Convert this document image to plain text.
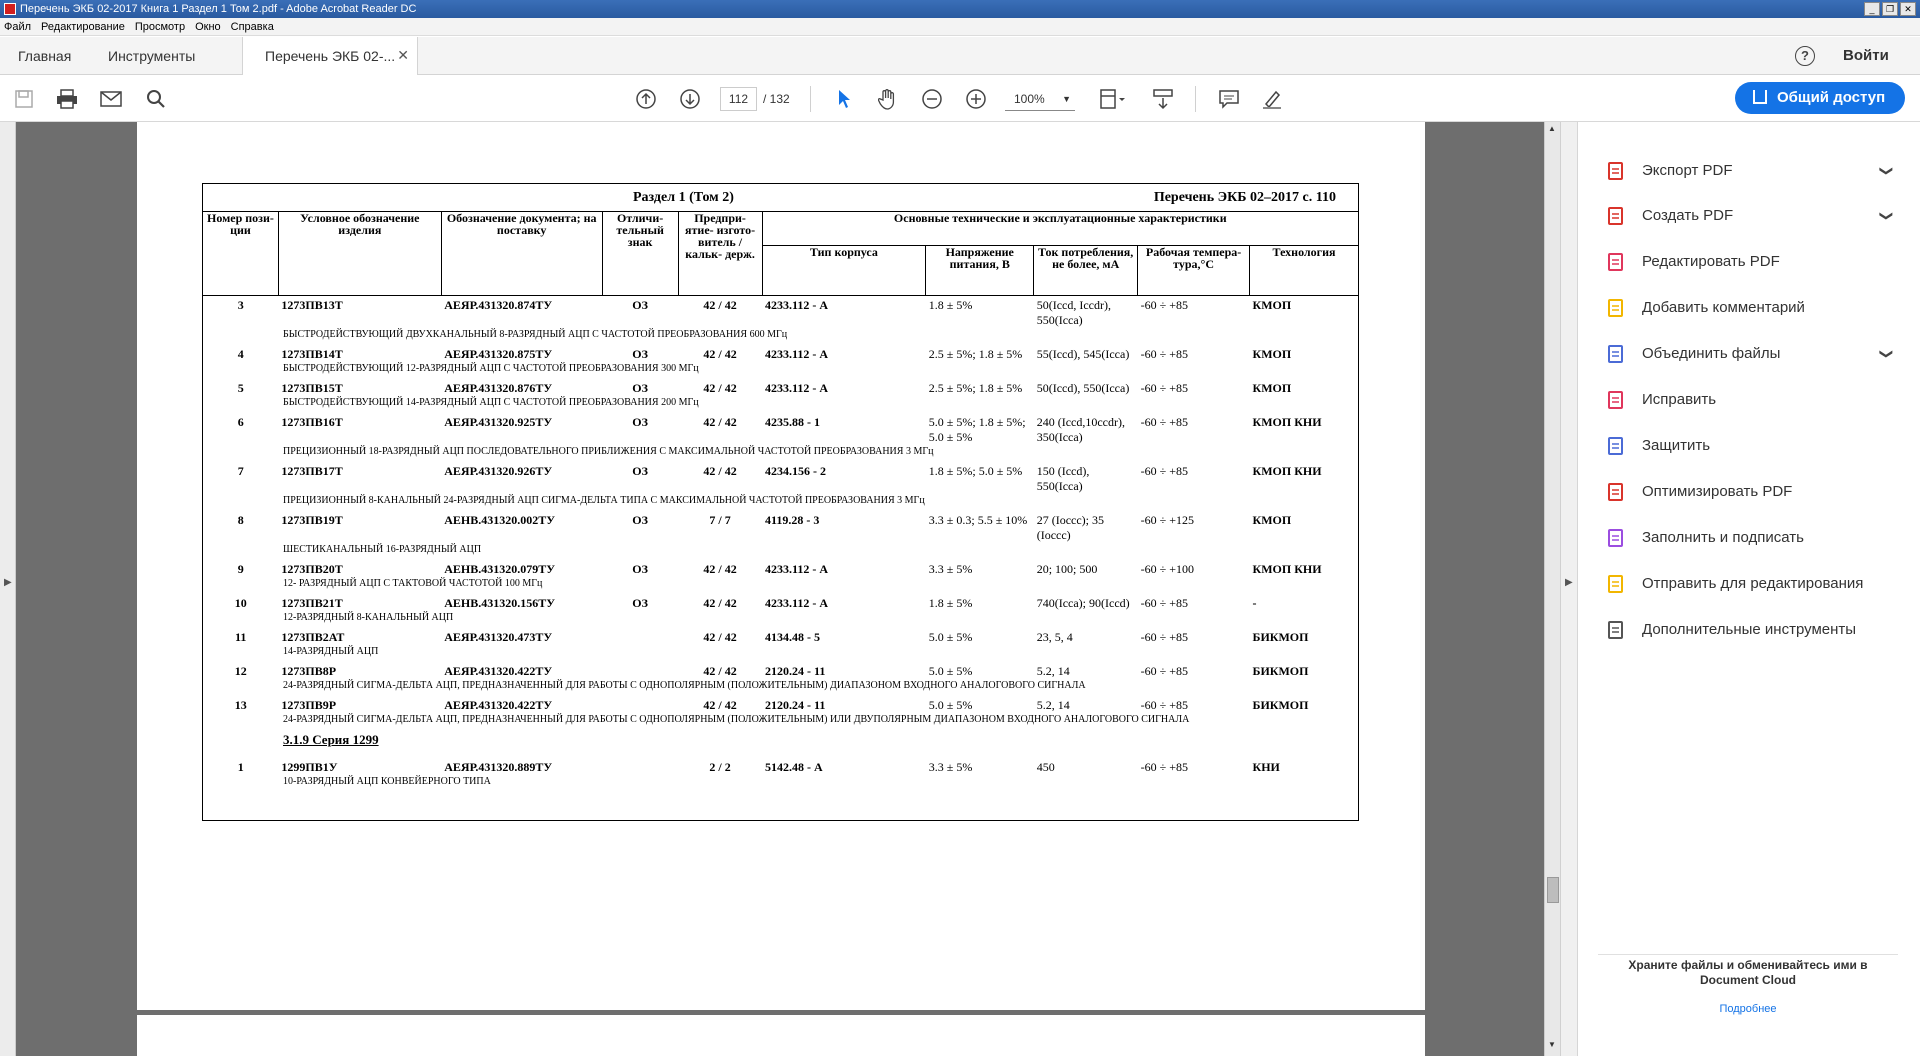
Перечень ЭКБ 02-2017 Книга 1 Раздел 1 Том 2.pdf - Adobe Acrobat Reader DC	_	❐	✕
Файл Редактирование Просмотр Окно Справка
Главная	Инструменты	Перечень ЭКБ 02-... ✕	?	Войти
112
/ 132	100% ▼	Общий доступ
▶
Раздел 1 (Том 2) Перечень ЭКБ 02–2017 с. 110									

Номер пози- ции	Условное обозначение изделия	Обозначение документа; на поставку	Отличи- тельный знак	Предпри- ятие- изгото- витель / кальк- держ.	Основные технические и эксплуатационные характеристики				
					Тип корпуса	Напряжение питания, В	Ток потребления, не более, мА	Рабочая темпера- тура,°С	Технология
3	1273ПВ13Т	АЕЯР.431320.874ТУ	ОЗ	42 / 42	4233.112 - А	1.8 ± 5%	50(Iccd, Iccdr), 550(Icca)	-60 ÷ +85	КМОП
БЫСТРОДЕЙСТВУЮЩИЙ ДВУХКАНАЛЬНЫЙ 8-РАЗРЯДНЫЙ АЦП С ЧАСТОТОЙ ПРЕОБРАЗОВАНИЯ 600 МГц									
4	1273ПВ14Т	АЕЯР.431320.875ТУ	ОЗ	42 / 42	4233.112 - А	2.5 ± 5%; 1.8 ± 5%	55(Iccd), 545(Icca)	-60 ÷ +85	КМОП
БЫСТРОДЕЙСТВУЮЩИЙ 12-РАЗРЯДНЫЙ АЦП С ЧАСТОТОЙ ПРЕОБРАЗОВАНИЯ 300 МГц									
5	1273ПВ15Т	АЕЯР.431320.876ТУ	ОЗ	42 / 42	4233.112 - А	2.5 ± 5%; 1.8 ± 5%	50(Iccd), 550(Icca)	-60 ÷ +85	КМОП
БЫСТРОДЕЙСТВУЮЩИЙ 14-РАЗРЯДНЫЙ АЦП С ЧАСТОТОЙ ПРЕОБРАЗОВАНИЯ 200 МГц									
6	1273ПВ16Т	АЕЯР.431320.925ТУ	ОЗ	42 / 42	4235.88 - 1	5.0 ± 5%; 1.8 ± 5%; 5.0 ± 5%	240 (Iccd,10ccdr), 350(Icca)	-60 ÷ +85	КМОП КНИ
ПРЕЦИЗИОННЫЙ 18-РАЗРЯДНЫЙ АЦП ПОСЛЕДОВАТЕЛЬНОГО ПРИБЛИЖЕНИЯ С МАКСИМАЛЬНОЙ ЧАСТОТОЙ ПРЕОБРАЗОВАНИЯ 3 МГц									
7	1273ПВ17Т	АЕЯР.431320.926ТУ	ОЗ	42 / 42	4234.156 - 2	1.8 ± 5%; 5.0 ± 5%	150 (Iccd), 550(Icca)	-60 ÷ +85	КМОП КНИ
ПРЕЦИЗИОННЫЙ 8-КАНАЛЬНЫЙ 24-РАЗРЯДНЫЙ АЦП СИГМА-ДЕЛЬТА ТИПА С МАКСИМАЛЬНОЙ ЧАСТОТОЙ ПРЕОБРАЗОВАНИЯ 3 МГц									
8	1273ПВ19Т	АЕНВ.431320.002ТУ	ОЗ	7 / 7	4119.28 - 3	3.3 ± 0.3; 5.5 ± 10%	27 (Ioccc); 35 (Ioccc)	-60 ÷ +125	КМОП
ШЕСТИКАНАЛЬНЫЙ 16-РАЗРЯДНЫЙ АЦП									
9	1273ПВ20Т	АЕНВ.431320.079ТУ	ОЗ	42 / 42	4233.112 - А	3.3 ± 5%	20; 100; 500	-60 ÷ +100	КМОП КНИ
12- РАЗРЯДНЫЙ АЦП С ТАКТОВОЙ ЧАСТОТОЙ 100 МГц									
10	1273ПВ21Т	АЕНВ.431320.156ТУ	ОЗ	42 / 42	4233.112 - А	1.8 ± 5%	740(Icca); 90(Iccd)	-60 ÷ +85	-
12-РАЗРЯДНЫЙ 8-КАНАЛЬНЫЙ АЦП									
11	1273ПВ2АТ	АЕЯР.431320.473ТУ		42 / 42	4134.48 - 5	5.0 ± 5%	23, 5, 4	-60 ÷ +85	БИКМОП
14-РАЗРЯДНЫЙ АЦП									
12	1273ПВ8Р	АЕЯР.431320.422ТУ		42 / 42	2120.24 - 11	5.0 ± 5%	5.2, 14	-60 ÷ +85	БИКМОП
24-РАЗРЯДНЫЙ СИГМА-ДЕЛЬТА АЦП, ПРЕДНАЗНАЧЕННЫЙ ДЛЯ РАБОТЫ С ОДНОПОЛЯРНЫМ (ПОЛОЖИТЕЛЬНЫМ) ДИАПАЗОНОМ ВХОДНОГО АНАЛОГОВОГО СИГНАЛА									
13	1273ПВ9Р	АЕЯР.431320.422ТУ		42 / 42	2120.24 - 11	5.0 ± 5%	5.2, 14	-60 ÷ +85	БИКМОП
24-РАЗРЯДНЫЙ СИГМА-ДЕЛЬТА АЦП, ПРЕДНАЗНАЧЕННЫЙ ДЛЯ РАБОТЫ С ОДНОПОЛЯРНЫМ (ПОЛОЖИТЕЛЬНЫМ) ИЛИ ДВУПОЛЯРНЫМ ДИАПАЗОНОМ ВХОДНОГО АНАЛОГОВОГО СИГНАЛА									
3.1.9 Серия 1299									
1	1299ПВ1У	АЕЯР.431320.889ТУ		2 / 2	5142.48 - А	3.3 ± 5%	450	-60 ÷ +85	КНИ
10-РАЗРЯДНЫЙ АЦП КОНВЕЙЕРНОГО ТИПА									

▲
▼
▶
Храните файлы и обменивайтесь ими в Document Cloud
Подробнее
Экспорт PDF	❯
Создать PDF	❯
Редактировать PDF
Добавить комментарий
Объединить файлы	❯
Исправить
Защитить
Оптимизировать PDF
Заполнить и подписать
Отправить для редактирования
Дополнительные инструменты
